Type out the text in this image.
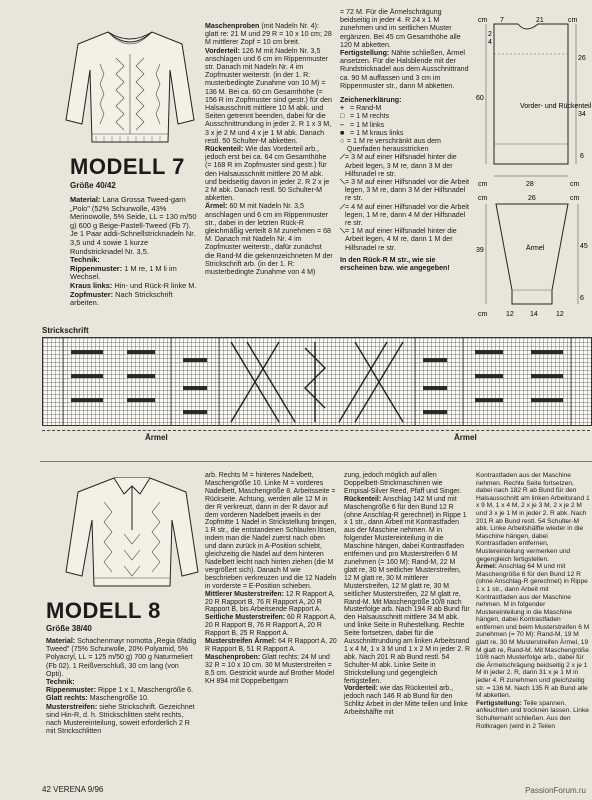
MODELL 7
Größe 40/42

Material: Lana Grossa Tweed-garn „Polo" (52% Schurwolle, 43% Merinowolle, 5% Seide, LL = 130 m/50 g) 600 g Beige-Pastell-Tweed (Fb 7). Je 1 Paar addi-Schnellstricknadeln Nr. 3,5 und 4 sowie 1 kurze Rundstricknadel Nr. 3,5.

Technik:

Rippenmuster: 1 M re, 1 M li im Wechsel.

Kraus links: Hin- und Rück-R linke M.

Zopfmuster: Nach Strickschrift arbeiten.

Maschenproben (mit Nadeln Nr. 4): glatt re: 21 M und 29 R = 10 x 10 cm; 28 M mittlerer Zopf = 10 cm breit.

Vorderteil: 126 M mit Nadeln Nr. 3,5 anschlagen und 6 cm im Rippenmuster str. Danach mit Nadeln Nr. 4 im Zopfmuster weiterstr. (in der 1. R: musterbedingte Zunahme von 10 M) = 136 M. Bei ca. 60 cm Gesamthöhe (= 156 R im Zopfmuster sind gestr.) für den Halsausschnitt mittlere 10 M abk. und Seiten getrennt beenden, dabei für die Ausschnittrundung in jeder 2. R 1 x 3 M, 3 x je 2 M und 4 x je 1 M abk. Danach restl. 50 Schulter-M abketten.

Rückenteil: Wie das Vorderteil arb., jedoch erst bei ca. 64 cm Gesamthöhe (= 168 R im Zopfmuster sind gestr.) für den Halsausschnitt mittlere 20 M abk. und beidseitig davon in jeder 2. R 2 x je 2 M abk. Danach restl. 50 Schulter-M abketten.

Ärmel: 60 M mit Nadeln Nr. 3,5 anschlagen und 6 cm im Rippenmuster str., dabei in der letzten Rück-R gleichmäßig verteilt 8 M zunehmen = 68 M. Danach mit Nadeln Nr. 4 im Zopfmuster weiterstr., dafür zunächst die Rand-M die gekennzeichneten M der Strickschrift arb. (in der 1. R: musterbedingte Zunahme von 4 M)

= 72 M. Für die Ärmelschrägung beidseitig in jeder 4. R 24 x 1 M zunehmen und im seitlichen Muster ergänzen. Bei 45 cm Gesamthöhe alle 120 M abketten.

Fertigstellung: Nähte schließen, Ärmel ansetzen. Für die Halsblende mit der Rundstricknadel aus dem Ausschnittrand ca. 90 M auffassen und 3 cm im Rippenmuster str., dann M abketten.

Zeichenerklärung:

+ = Rand-M
□ = 1 M rechts
– = 1 M links
■ = 1 M kraus links
○ = 1 M re verschränkt aus dem Querfaden herausstricken
⟋ = 3 M auf einer Hilfsnadel hinter die Arbeit legen, 3 M re, dann 3 M der Hilfsnadel re str.
⟍ = 3 M auf einer Hilfsnadel vor die Arbeit legen, 3 M re, dann 3 M der Hilfsnadel re str.
⟋ = 4 M auf einer Hilfsnadel vor die Arbeit legen, 1 M re, dann 4 M der Hilfsnadel re str.
⟍ = 1 M auf einer Hilfsnadel hinter die Arbeit legen, 4 M re, dann 1 M der Hilfsnadel re str.

In den Rück-R M str., wie sie erscheinen bzw. wie angegeben!

cm 7	21	cm
2
4
60
26
34
6
Vorder- und Rückenteil
cm	28	cm
cm	26	cm
39
45
6
Ärmel
cm	12 14	12
Strickschrift
Ärmel	Ärmel
MODELL 8
Größe 38/40

Material: Schachenmayr nomotta „Regia 6fädig Tweed" (75% Schurwolle, 20% Polyamid, 5% Polyacryl, LL = 125 m/50 g) 700 g Naturmeliert (Fb 02). 1 Reißverschluß, 30 cm lang (von Opti).

Technik:

Rippenmuster: Rippe 1 x 1, Maschengröße 6.

Glatt rechts: Maschengröße 10.

Musterstreifen: siehe Strickschrift. Gezeichnet sind Hin-R, d. h. Strickschlitten steht rechts, nach Mustereinteilung, soweit erforderlich 2 R mit Strickschlitten

arb. Rechts M = hinteres Nadelbett, Maschengröße 10. Linke M = vorderes Nadelbett, Maschengröße 8. Arbeitsseite = Rückseite. Achtung, werden alle 12 M in der R verkreuzt, dann in der R davor auf dem vorderen Nadelbett jeweils in der Zopfmitte 1 Nadel in Strickstellung bringen, 1 R str., die entstandenen Schlaufen lösen, indem man die Nadel zuerst nach oben und dann zurück in A-Position schiebt, gleichzeitig die Nadel auf dem hinteren Nadelbett leicht nach hinten ziehen (die M vergrößert sich). Danach M wie beschrieben verkreuzen und die 12 Nadeln in vorderste = E-Position schieben.

Mittlerer Musterstreifen: 12 R Rapport A, 20 R Rapport B, 76 R Rapport A, 20 R Rapport B, bis Arbeitsende Rapport A.

Seitliche Musterstreifen: 60 R Rapport A, 20 R Rapport B, 76 R Rapport A, 20 R Rapport B, 25 R Rapport A.

Musterstreifen Ärmel: 64 R Rapport A, 20 R Rapport B, 51 R Rapport A.

Maschenproben: Glatt rechts: 24 M und 32 R = 10 x 10 cm. 30 M Musterstreifen = 8,5 cm. Gestrickt wurde auf Brother Model KH 894 mit Doppelbettgarn

zung, jedoch möglich auf allen Doppelbett-Strickmaschinen wie Empisal-Silver Reed, Pfaff und Singer.

Rückenteil: Anschlag 142 M und mit Maschengröße 6 für den Bund 12 R (ohne Anschlag-R gerechnet) in Rippe 1 x 1 str., dann Arbeit mit Kontrastfaden aus der Maschine nehmen. M in folgender Mustereinteilung in die Maschine hängen, dabei Kontrastfaden entfernen und pro Musterstreifen 6 M zunehmen (= 160 M): Rand-M, 22 M glatt re, 30 M seitlicher Musterstreifen, 12 M glatt re, 30 M mittlerer Musterstreifen, 12 M glatt re, 30 M seitlicher Musterstreifen, 22 M glatt re, Rand-M. Mit Maschengröße 10/8 nach Musterfolge arb. Nach 194 R ab Bund für den Halsausschnitt mittlere 34 M abk. und linke Seite in Ruhestellung. Rechte Seite fortsetzen, dabei für die Ausschnittrundung am linken Arbeitsrand 1 x 4 M, 1 x 3 M und 1 x 2 M in jeder 2. R abk. Nach 201 R ab Bund restl. 54 Schulter-M abk. Linke Seite in Strickstellung und gegengleich fertigstellen.

Vorderteil: wie das Rückenteil arb., jedoch nach 146 R ab Bund für den Schlitz Arbeit in der Mitte teilen und linke Arbeitshälfte mit

Kontrastfaden aus der Maschine nehmen. Rechte Seite fortsetzen, dabei nach 182 R ab Bund für den Halsausschnitt am linken Arbeitsrand 1 x 9 M, 1 x 4 M, 2 x je 3 M, 2 x je 2 M und 3 x je 1 M in jeder 2. R abk. Nach 201 R ab Bund restl. 54 Schulter-M abk. Linke Arbeitshälfte wieder in die Maschine hängen, dabei Kontrastfaden entfernen, Mustereinteilung vermerken und gegengleich fertigstellen.

Ärmel: Anschlag 64 M und mit Maschengröße 6 für den Bund 12 R (ohne Anschlag-R gerechnet) in Rippe 1 x 1 str., dann Arbeit mit Kontrastfaden aus der Maschine nehmen. M in folgender Mustereinteilung in die Maschine hängen, dabei Kontrastfaden entfernen und beim Musterstreifen 6 M zunehmen (= 70 M): Rand-M, 19 M glatt re, 30 M Musterstreifen Ärmel, 19 M glatt re, Rand-M. Mit Maschengröße 10/8 nach Musterfolge arb., dabei für die Ärmelschrägung beidseitig 2 x je 1 M in jeder 2. R, dann 31 x je 1 M in jeder 4. R zunehmen und gleichzeitig str. = 136 M. Nach 135 R ab Bund alle M abketten.

Fertigstellung: Teile spannen, anfeuchten und trocknen lassen. Linke Schulternaht schließen. Aus den Rollkragen (wird in 2 Teilen

42 VERENA 9/96	PassionForum.ru
